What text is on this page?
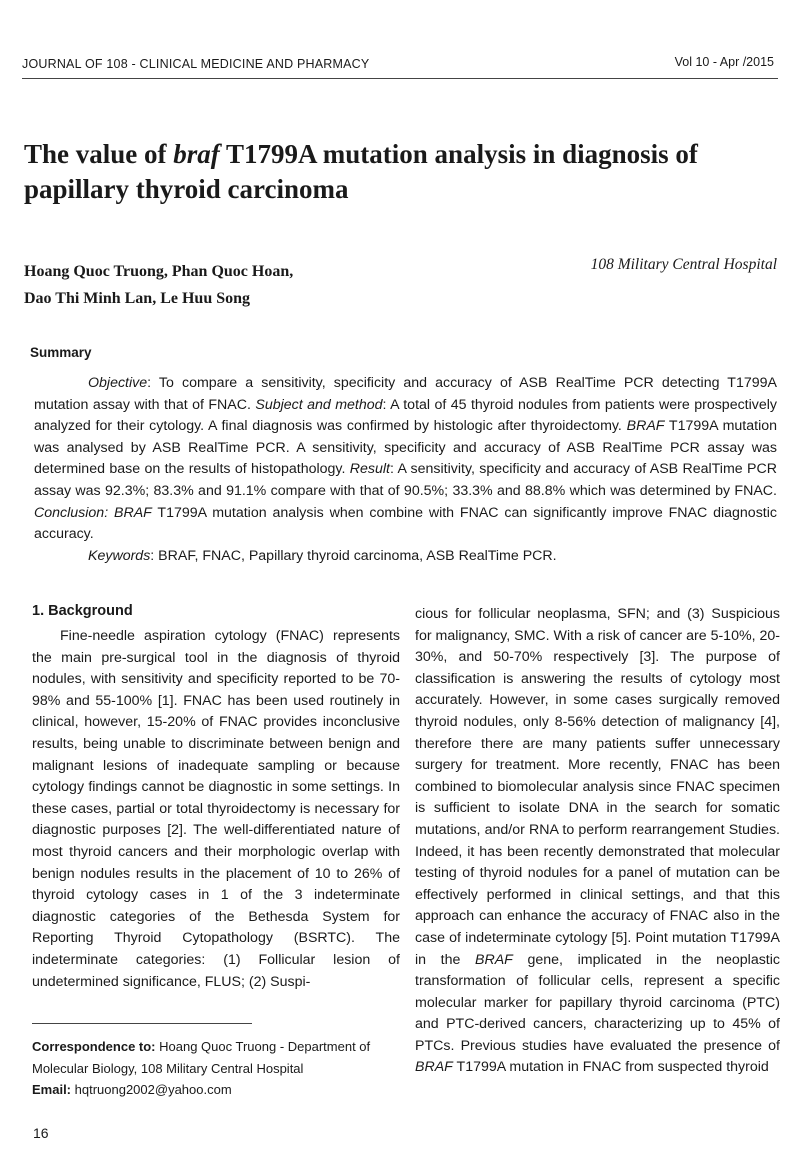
JOURNAL OF 108 - CLINICAL MEDICINE AND PHARMACY	Vol 10 - Apr /2015
The value of braf T1799A mutation analysis in diagnosis of papillary thyroid carcinoma
Hoang Quoc Truong, Phan Quoc Hoan,
Dao Thi Minh Lan, Le Huu Song
108 Military Central Hospital
Summary

Objective: To compare a sensitivity, specificity and accuracy of ASB RealTime PCR detecting T1799A mutation assay with that of FNAC. Subject and method: A total of 45 thyroid nodules from patients were prospectively analyzed for their cytology. A final diagnosis was confirmed by histologic after thyroidectomy. BRAF T1799A mutation was analysed by ASB RealTime PCR. A sensitivity, specificity and accuracy of ASB RealTime PCR assay was determined base on the results of histopathology. Result: A sensitivity, specificity and accuracy of ASB RealTime PCR assay was 92.3%; 83.3% and 91.1% compare with that of 90.5%; 33.3% and 88.8% which was determined by FNAC. Conclusion: BRAF T1799A mutation analysis when combine with FNAC can significantly improve FNAC diagnostic accuracy.

Keywords: BRAF, FNAC, Papillary thyroid carcinoma, ASB RealTime PCR.

1. Background

Fine-needle aspiration cytology (FNAC) represents the main pre-surgical tool in the diagnosis of thyroid nodules, with sensitivity and specificity reported to be 70-98% and 55-100% [1]. FNAC has been used routinely in clinical, however, 15-20% of FNAC provides inconclusive results, being unable to discriminate between benign and malignant lesions of inadequate sampling or because cytology findings cannot be diagnostic in some settings. In these cases, partial or total thyroidectomy is necessary for diagnostic purposes [2]. The well-differentiated nature of most thyroid cancers and their morphologic overlap with benign nodules results in the placement of 10 to 26% of thyroid cytology cases in 1 of the 3 indeterminate diagnostic categories of the Bethesda System for Reporting Thyroid Cytopathology (BSRTC). The indeterminate categories: (1) Follicular lesion of undetermined significance, FLUS; (2) Suspi-

cious for follicular neoplasma, SFN; and (3) Suspicious for malignancy, SMC. With a risk of cancer are 5-10%, 20-30%, and 50-70% respectively [3]. The purpose of classification is answering the results of cytology most accurately. However, in some cases surgically removed thyroid nodules, only 8-56% detection of malignancy [4], therefore there are many patients suffer unnecessary surgery for treatment. More recently, FNAC has been combined to biomolecular analysis since FNAC specimen is sufficient to isolate DNA in the search for somatic mutations, and/or RNA to perform rearrangement Studies. Indeed, it has been recently demonstrated that molecular testing of thyroid nodules for a panel of mutation can be effectively performed in clinical settings, and that this approach can enhance the accuracy of FNAC also in the case of indeterminate cytology [5]. Point mutation T1799A in the BRAF gene, implicated in the neoplastic transformation of follicular cells, represent a specific molecular marker for papillary thyroid carcinoma (PTC) and PTC-derived cancers, characterizing up to 45% of PTCs. Previous studies have evaluated the presence of BRAF T1799A mutation in FNAC from suspected thyroid

Correspondence to: Hoang Quoc Truong - Department of Molecular Biology, 108 Military Central Hospital
Email: hqtruong2002@yahoo.com
16
